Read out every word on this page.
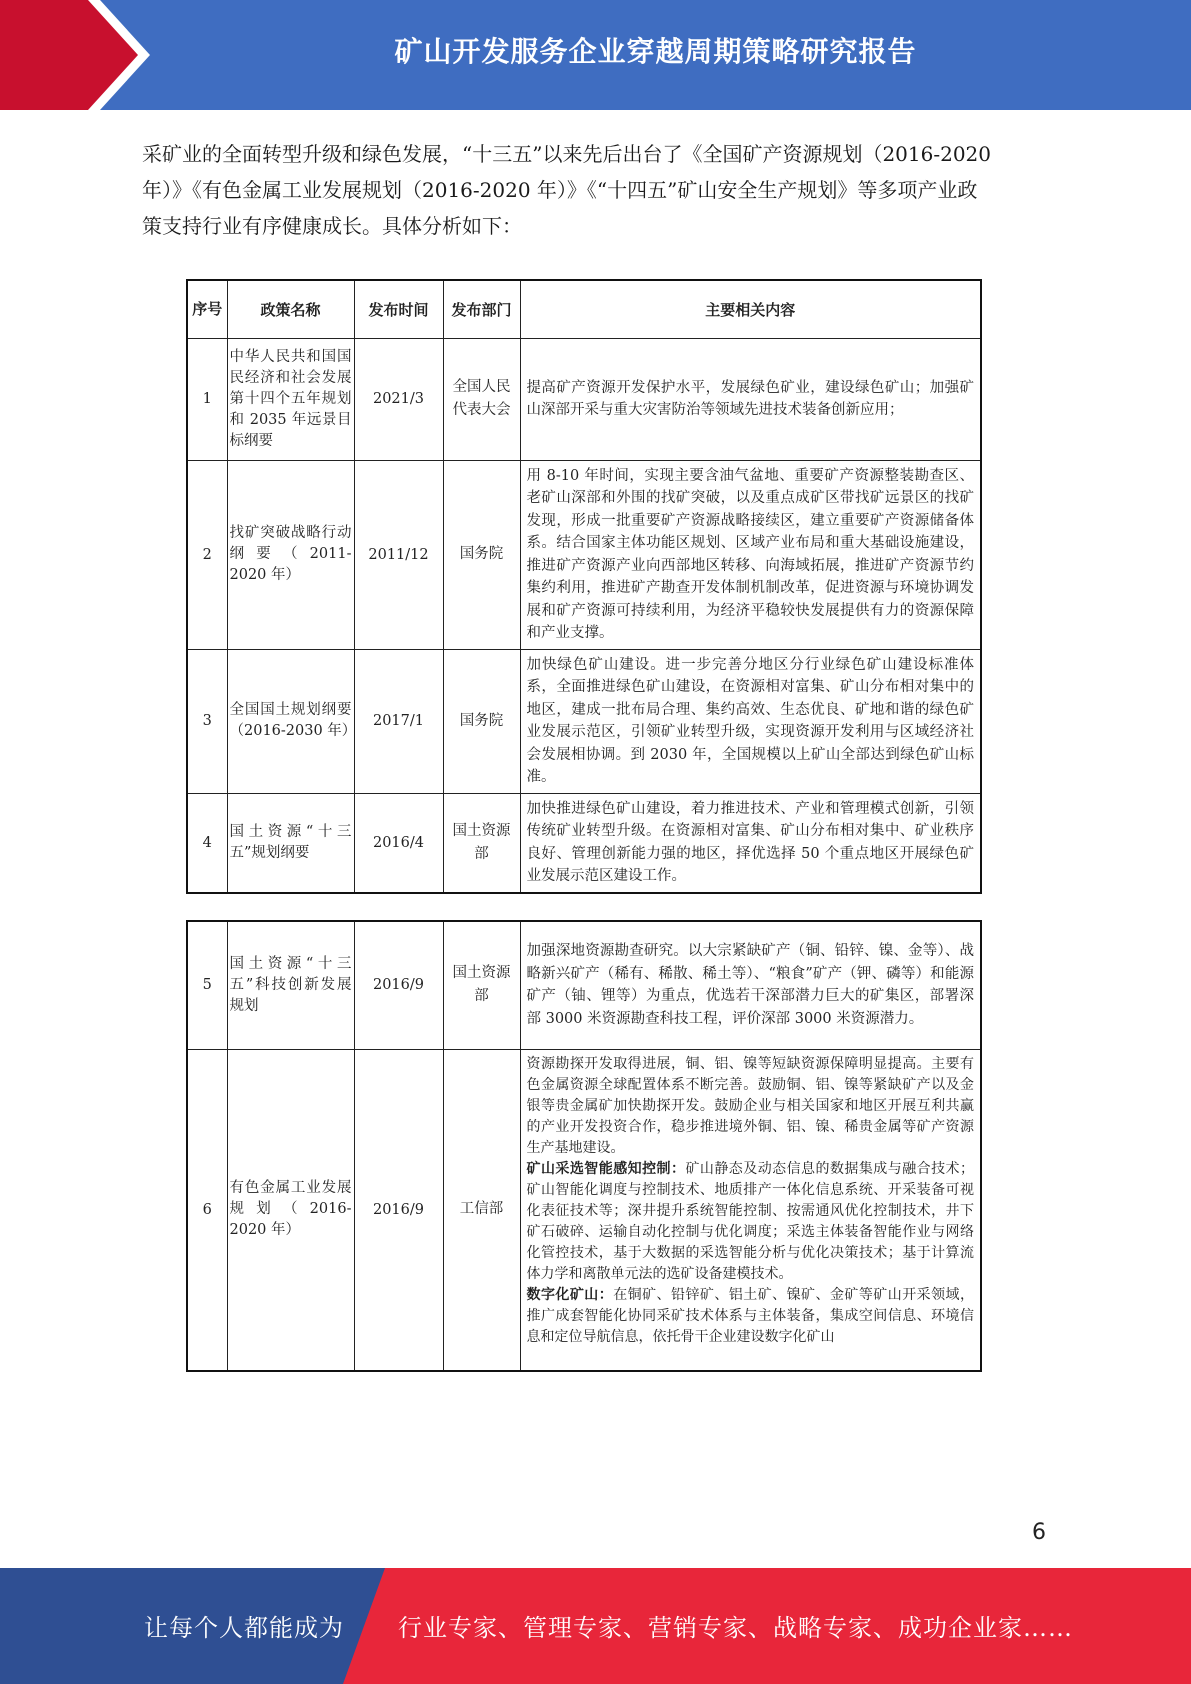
矿山开发服务企业穿越周期策略研究报告
采矿业的全面转型升级和绿色发展，“十三五”以来先后出台了《全国矿产资源规划（2016-2020
年）》《有色金属工业发展规划（2016-2020 年）》《“十四五”矿山安全生产规划》等多项产业政
策支持行业有序健康成长。具体分析如下：
序号	政策名称	发布时间	发布部门	主要相关内容
1	中华人民共和国国民经济和社会发展第十四个五年规划和 2035 年远景目标纲要	2021/3	全国人民代表大会	提高矿产资源开发保护水平，发展绿色矿业，建设绿色矿山；加强矿山深部开采与重大灾害防治等领域先进技术装备创新应用；
2	找矿突破战略行动纲要（2011-2020 年）	2011/12	国务院	用 8-10 年时间，实现主要含油气盆地、重要矿产资源整装勘查区、老矿山深部和外围的找矿突破，以及重点成矿区带找矿远景区的找矿发现，形成一批重要矿产资源战略接续区，建立重要矿产资源储备体系。结合国家主体功能区规划、区域产业布局和重大基础设施建设，推进矿产资源产业向西部地区转移、向海域拓展，推进矿产资源节约集约利用，推进矿产勘查开发体制机制改革，促进资源与环境协调发展和矿产资源可持续利用，为经济平稳较快发展提供有力的资源保障和产业支撑。
3	全国国土规划纲要（2016-2030 年）	2017/1	国务院	加快绿色矿山建设。进一步完善分地区分行业绿色矿山建设标准体系，全面推进绿色矿山建设，在资源相对富集、矿山分布相对集中的地区，建成一批布局合理、集约高效、生态优良、矿地和谐的绿色矿业发展示范区，引领矿业转型升级，实现资源开发利用与区域经济社会发展相协调。到 2030 年，全国规模以上矿山全部达到绿色矿山标准。
4	国土资源“十三五”规划纲要	2016/4	国土资源部	加快推进绿色矿山建设，着力推进技术、产业和管理模式创新，引领传统矿业转型升级。在资源相对富集、矿山分布相对集中、矿业秩序良好、管理创新能力强的地区，择优选择 50 个重点地区开展绿色矿业发展示范区建设工作。
5	国土资源“十三五”科技创新发展规划	2016/9	国土资源部	加强深地资源勘查研究。以大宗紧缺矿产（铜、铅锌、镍、金等）、战略新兴矿产（稀有、稀散、稀土等）、“粮食”矿产（钾、磷等）和能源矿产（铀、锂等）为重点，优选若干深部潜力巨大的矿集区，部署深部 3000 米资源勘查科技工程，评价深部 3000 米资源潜力。
6	有色金属工业发展规划（2016-2020 年）	2016/9	工信部	资源勘探开发取得进展，铜、铝、镍等短缺资源保障明显提高。主要有色金属资源全球配置体系不断完善。鼓励铜、铝、镍等紧缺矿产以及金银等贵金属矿加快勘探开发。鼓励企业与相关国家和地区开展互利共赢的产业开发投资合作，稳步推进境外铜、铝、镍、稀贵金属等矿产资源生产基地建设。
矿山采选智能感知控制：矿山静态及动态信息的数据集成与融合技术；矿山智能化调度与控制技术、地质排产一体化信息系统、开采装备可视化表征技术等；深井提升系统智能控制、按需通风优化控制技术，井下矿石破碎、运输自动化控制与优化调度；采选主体装备智能作业与网络化管控技术，基于大数据的采选智能分析与优化决策技术；基于计算流体力学和离散单元法的选矿设备建模技术。
数字化矿山：在铜矿、铅锌矿、铝土矿、镍矿、金矿等矿山开采领域，推广成套智能化协同采矿技术体系与主体装备，集成空间信息、环境信息和定位导航信息，依托骨干企业建设数字化矿山
6
让每个人都能成为 行业专家、管理专家、营销专家、战略专家、成功企业家……
